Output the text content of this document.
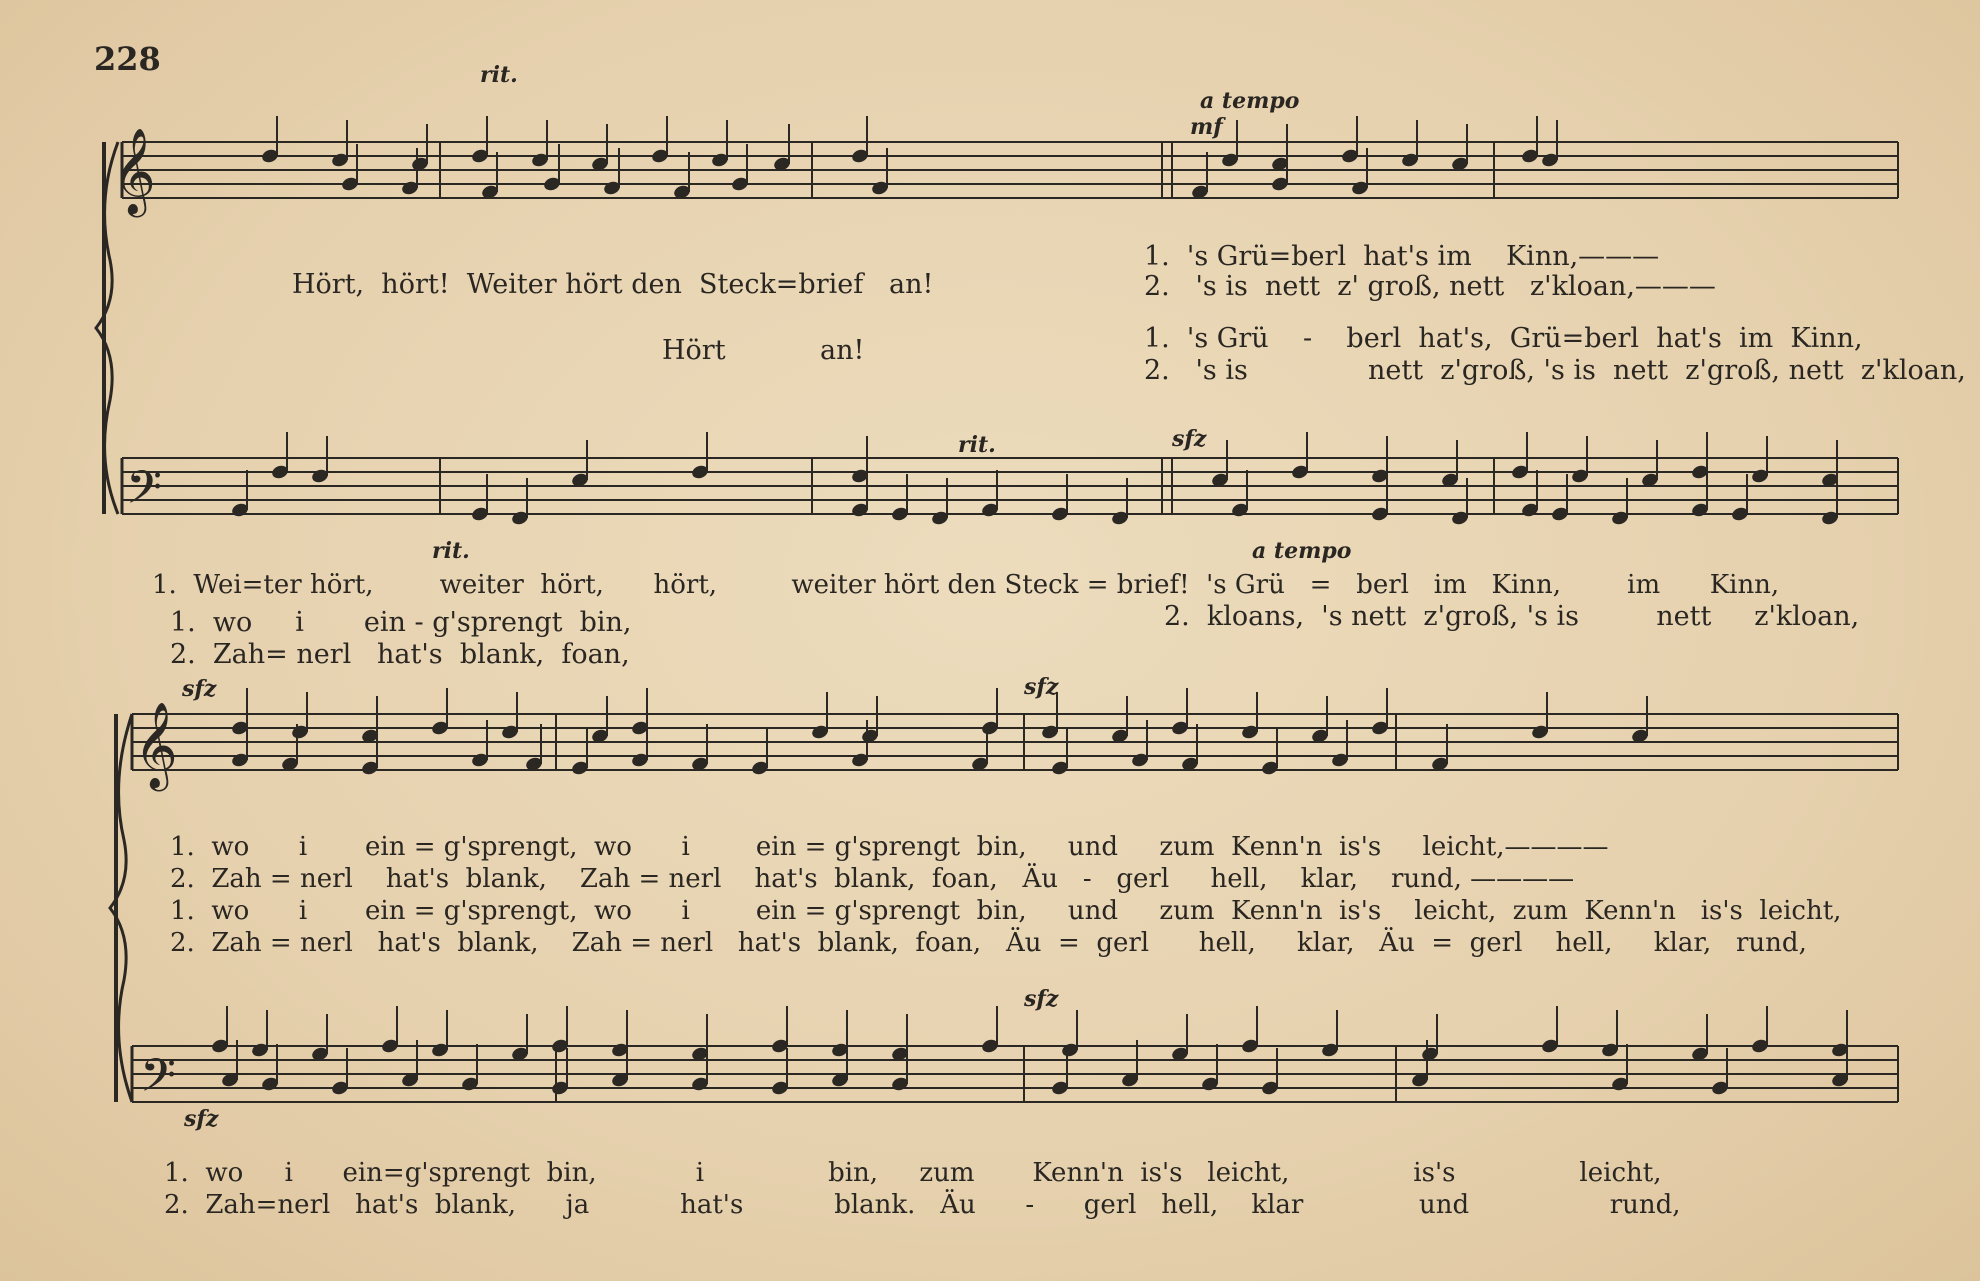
𝄞
𝄢
𝄞
𝄢
228	rit.
a tempo
mf
sfz
rit.
rit.	a tempo
sfz	sfz
sfz
sfz
Hört,  hört!  Weiter hört den  Steck=brief   an!
Hört           an!
1.  's Grü=berl  hat's im    Kinn,———
2.   's is  nett  z' groß, nett   z'kloan,———
1.  's Grü    -    berl  hat's,  Grü=berl  hat's  im  Kinn,
2.   's is              nett  z'groß, 's is  nett  z'groß, nett  z'kloan,
1.  Wei=ter hört,        weiter  hört,      hört,         weiter hört den Steck = brief!  's Grü   =   berl   im   Kinn,        im      Kinn,
1.  wo     i       ein - g'sprengt  bin,
2.  Zah= nerl   hat's  blank,  foan,
2.  kloans,  's nett  z'groß, 's is         nett     z'kloan,
1.  wo      i       ein = g'sprengt,  wo      i        ein = g'sprengt  bin,     und     zum  Kenn'n  is's     leicht,————
2.  Zah = nerl    hat's  blank,    Zah = nerl    hat's  blank,  foan,   Äu   -   gerl     hell,    klar,    rund, ————
1.  wo      i       ein = g'sprengt,  wo      i        ein = g'sprengt  bin,     und     zum  Kenn'n  is's    leicht,  zum  Kenn'n   is's  leicht,
2.  Zah = nerl   hat's  blank,    Zah = nerl   hat's  blank,  foan,   Äu  =  gerl      hell,     klar,   Äu  =  gerl    hell,     klar,   rund,
1.  wo     i      ein=g'sprengt  bin,            i               bin,     zum       Kenn'n  is's   leicht,               is's               leicht,
2.  Zah=nerl   hat's  blank,      ja           hat's           blank.   Äu      -      gerl   hell,    klar              und                 rund,
